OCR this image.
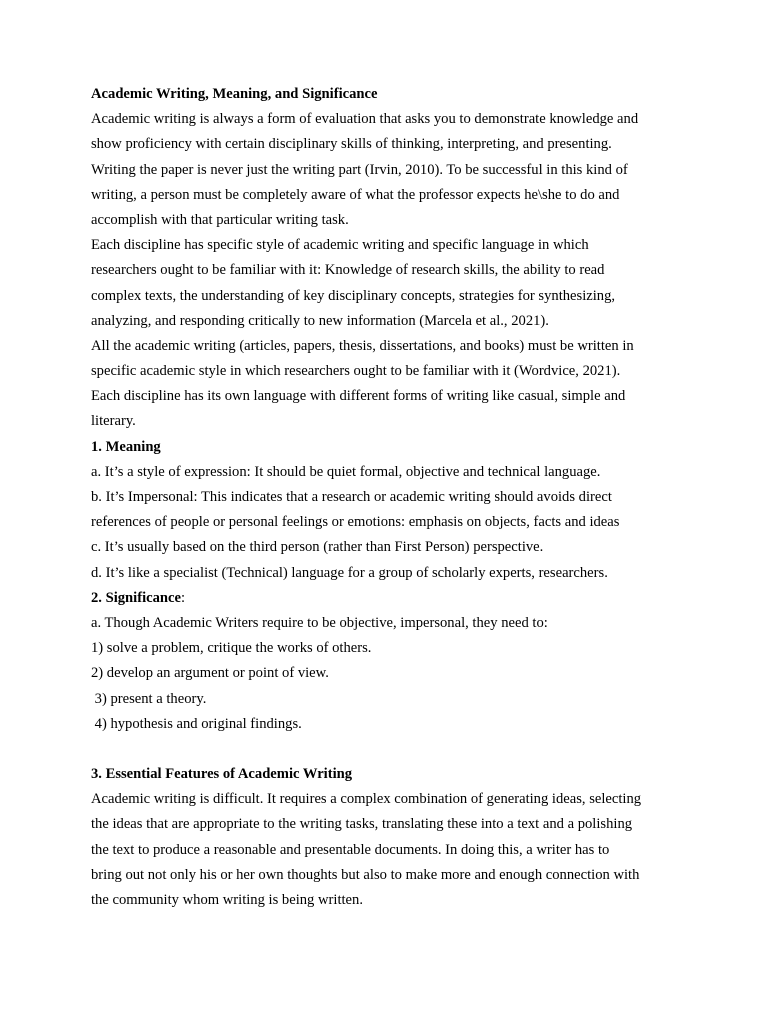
Academic Writing, Meaning, and Significance
Academic writing is always a form of evaluation that asks you to demonstrate knowledge and
show proficiency with certain disciplinary skills of thinking, interpreting, and presenting.
Writing the paper is never just the writing part (Irvin, 2010). To be successful in this kind of
writing, a person must be completely aware of what the professor expects he\she to do and
accomplish with that particular writing task.
Each discipline has specific style of academic writing and specific language in which
researchers ought to be familiar with it: Knowledge of research skills, the ability to read
complex texts, the understanding of key disciplinary concepts, strategies for synthesizing,
analyzing, and responding critically to new information (Marcela et al., 2021).
All the academic writing (articles, papers, thesis, dissertations, and books) must be written in
specific academic style in which researchers ought to be familiar with it (Wordvice, 2021).
Each discipline has its own language with different forms of writing like casual, simple and
literary.
1. Meaning
a. It’s a style of expression: It should be quiet formal, objective and technical language.
b. It’s Impersonal: This indicates that a research or academic writing should avoids direct
references of people or personal feelings or emotions: emphasis on objects, facts and ideas
c. It’s usually based on the third person (rather than First Person) perspective.
d. It’s like a specialist (Technical) language for a group of scholarly experts, researchers.
2. Significance:
a. Though Academic Writers require to be objective, impersonal, they need to:
1) solve a problem, critique the works of others.
2) develop an argument or point of view.
3) present a theory.
4) hypothesis and original findings.
3. Essential Features of Academic Writing
Academic writing is difficult. It requires a complex combination of generating ideas, selecting
the ideas that are appropriate to the writing tasks, translating these into a text and a polishing
the text to produce a reasonable and presentable documents. In doing this, a writer has to
bring out not only his or her own thoughts but also to make more and enough connection with
the community whom writing is being written.
